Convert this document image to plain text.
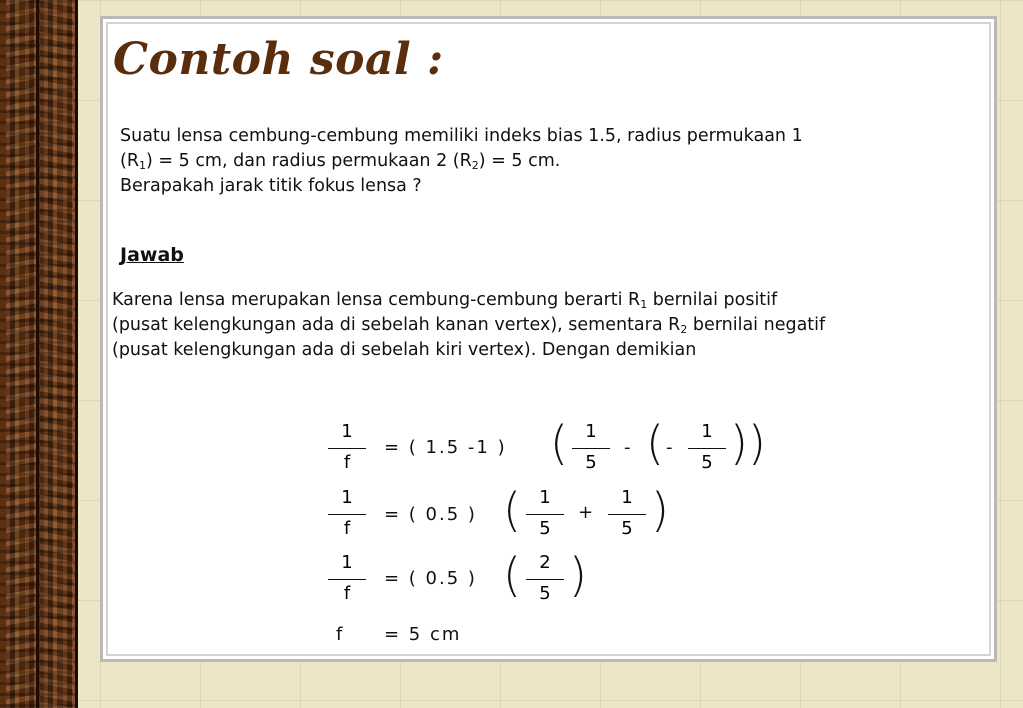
Contoh soal :
Suatu lensa cembung-cembung memiliki indeks bias 1.5, radius permukaan 1
$(R_1) = 5$ cm, dan radius permukaan 2 $(R_2) = 5$ cm.
Berapakah jarak titik fokus lensa ?
Jawab
Karena lensa merupakan lensa cembung-cembung berarti $R_1$ bernilai positif
(pusat kelengkungan ada di sebelah kanan vertex), sementara $R_2$ bernilai negatif
(pusat kelengkungan ada di sebelah kiri vertex). Dengan demikian
$\frac{1}{f}$ = ( 1.5 -1 ) ( $\frac{1}{5}$ - ( - $\frac{1}{5}$ ))
$\frac{1}{f}$ = ( 0.5 ) ( $\frac{1}{5} + \frac{1}{5}$ )
$\frac{1}{f}$ = ( 0.5 ) ( $\frac{2}{5}$ )
f = 5 cm
